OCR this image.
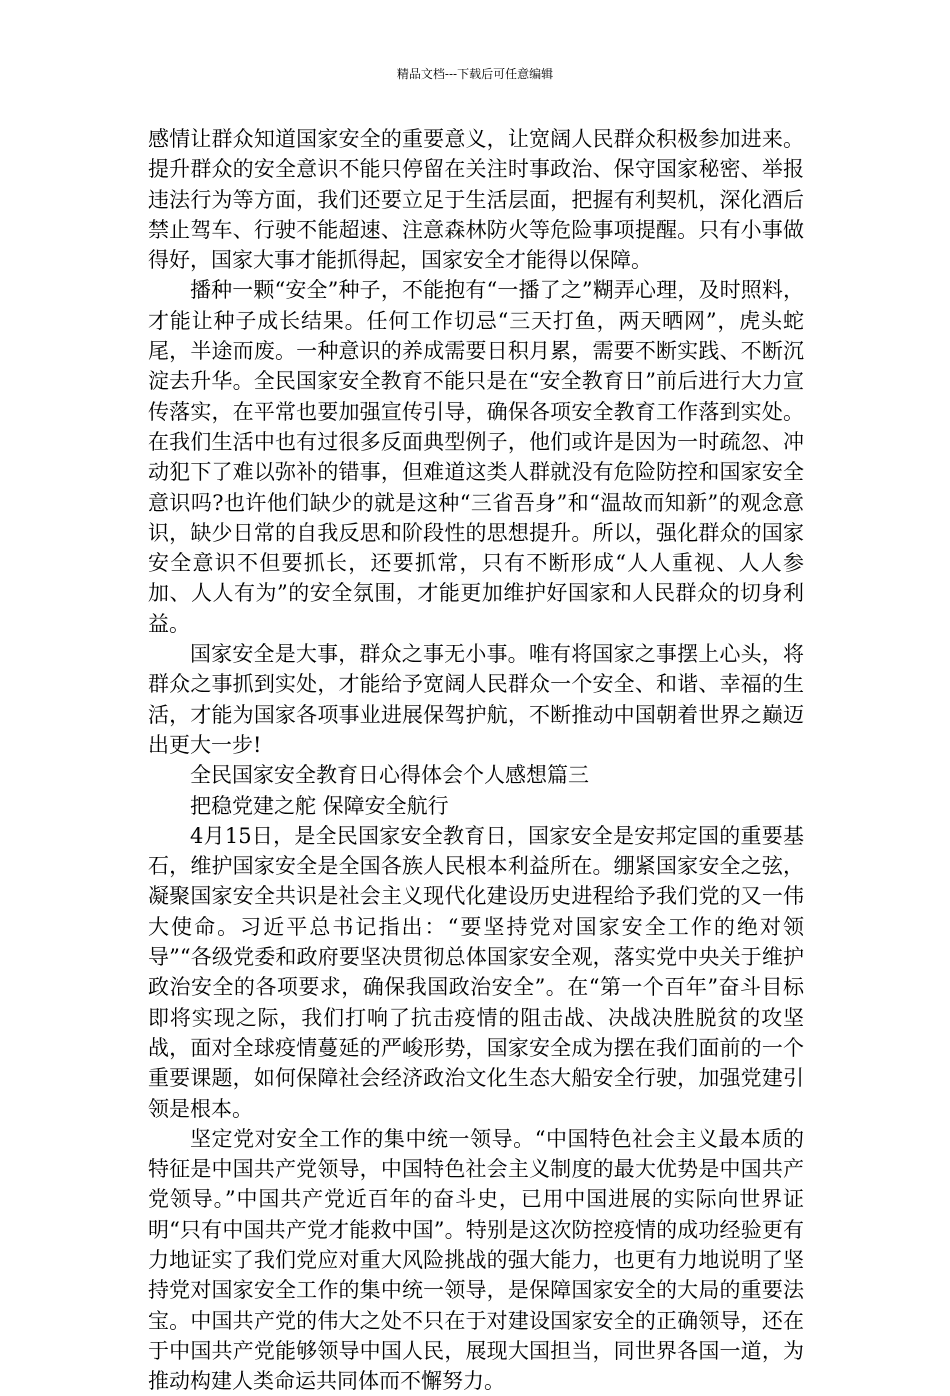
精品文档---下载后可任意编辑

感情让群众知道国家安全的重要意义，让宽阔人民群众积极参加进来。提升群众的安全意识不能只停留在关注时事政治、保守国家秘密、举报违法行为等方面，我们还要立足于生活层面，把握有利契机，深化酒后禁止驾车、行驶不能超速、注意森林防火等危险事项提醒。只有小事做得好，国家大事才能抓得起，国家安全才能得以保障。

播种一颗“安全”种子，不能抱有“一播了之”糊弄心理，及时照料，才能让种子成长结果。任何工作切忌“三天打鱼，两天晒网”，虎头蛇尾，半途而废。一种意识的养成需要日积月累，需要不断实践、不断沉淀去升华。全民国家安全教育不能只是在“安全教育日”前后进行大力宣传落实，在平常也要加强宣传引导，确保各项安全教育工作落到实处。在我们生活中也有过很多反面典型例子，他们或许是因为一时疏忽、冲动犯下了难以弥补的错事，但难道这类人群就没有危险防控和国家安全意识吗?也许他们缺少的就是这种“三省吾身”和“温故而知新”的观念意识，缺少日常的自我反思和阶段性的思想提升。所以，强化群众的国家安全意识不但要抓长，还要抓常，只有不断形成“人人重视、人人参加、人人有为”的安全氛围，才能更加维护好国家和人民群众的切身利益。

国家安全是大事，群众之事无小事。唯有将国家之事摆上心头，将群众之事抓到实处，才能给予宽阔人民群众一个安全、和谐、幸福的生活，才能为国家各项事业进展保驾护航，不断推动中国朝着世界之巅迈出更大一步!

全民国家安全教育日心得体会个人感想篇三

把稳党建之舵 保障安全航行

4月15日，是全民国家安全教育日，国家安全是安邦定国的重要基石，维护国家安全是全国各族人民根本利益所在。绷紧国家安全之弦，凝聚国家安全共识是社会主义现代化建设历史进程给予我们党的又一伟大使命。习近平总书记指出：“要坚持党对国家安全工作的绝对领导”“各级党委和政府要坚决贯彻总体国家安全观，落实党中央关于维护政治安全的各项要求，确保我国政治安全”。在“第一个百年”奋斗目标即将实现之际，我们打响了抗击疫情的阻击战、决战决胜脱贫的攻坚战，面对全球疫情蔓延的严峻形势，国家安全成为摆在我们面前的一个重要课题，如何保障社会经济政治文化生态大船安全行驶，加强党建引领是根本。

坚定党对安全工作的集中统一领导。“中国特色社会主义最本质的特征是中国共产党领导，中国特色社会主义制度的最大优势是中国共产党领导。”中国共产党近百年的奋斗史，已用中国进展的实际向世界证明“只有中国共产党才能救中国”。特别是这次防控疫情的成功经验更有力地证实了我们党应对重大风险挑战的强大能力，也更有力地说明了坚持党对国家安全工作的集中统一领导，是保障国家安全的大局的重要法宝。中国共产党的伟大之处不只在于对建设国家安全的正确领导，还在于中国共产党能够领导中国人民，展现大国担当，同世界各国一道，为推动构建人类命运共同体而不懈努力。
